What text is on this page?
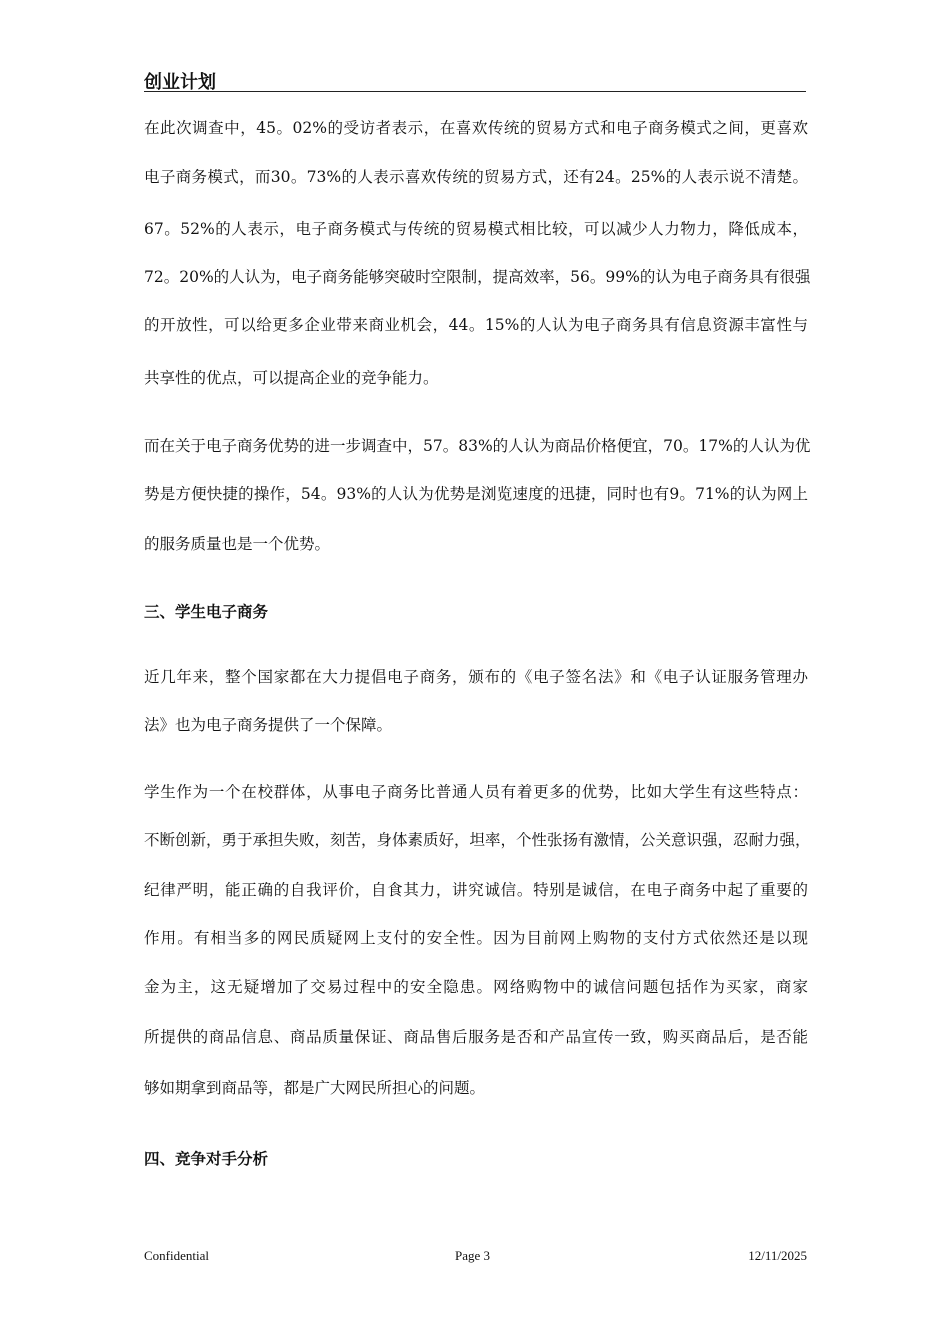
创业计划
在此次调查中，45。02%的受访者表示，在喜欢传统的贸易方式和电子商务模式之间，更喜欢
电子商务模式，而30。73%的人表示喜欢传统的贸易方式，还有24。25%的人表示说不清楚。
67。52%的人表示，电子商务模式与传统的贸易模式相比较，可以减少人力物力，降低成本，
72。20%的人认为，电子商务能够突破时空限制，提高效率，56。99%的认为电子商务具有很强
的开放性，可以给更多企业带来商业机会，44。15%的人认为电子商务具有信息资源丰富性与
共享性的优点，可以提高企业的竞争能力。
而在关于电子商务优势的进一步调查中，57。83%的人认为商品价格便宜，70。17%的人认为优
势是方便快捷的操作，54。93%的人认为优势是浏览速度的迅捷，同时也有9。71%的认为网上
的服务质量也是一个优势。
三、学生电子商务
近几年来，整个国家都在大力提倡电子商务，颁布的《电子签名法》和《电子认证服务管理办
法》也为电子商务提供了一个保障。
学生作为一个在校群体，从事电子商务比普通人员有着更多的优势，比如大学生有这些特点：
不断创新，勇于承担失败，刻苦，身体素质好，坦率，个性张扬有激情，公关意识强，忍耐力强，
纪律严明，能正确的自我评价，自食其力，讲究诚信。特别是诚信，在电子商务中起了重要的
作用。有相当多的网民质疑网上支付的安全性。因为目前网上购物的支付方式依然还是以现
金为主，这无疑增加了交易过程中的安全隐患。网络购物中的诚信问题包括作为买家，商家
所提供的商品信息、商品质量保证、商品售后服务是否和产品宣传一致，购买商品后，是否能
够如期拿到商品等，都是广大网民所担心的问题。
四、竞争对手分析
Confidential	Page 3	12/11/2025
